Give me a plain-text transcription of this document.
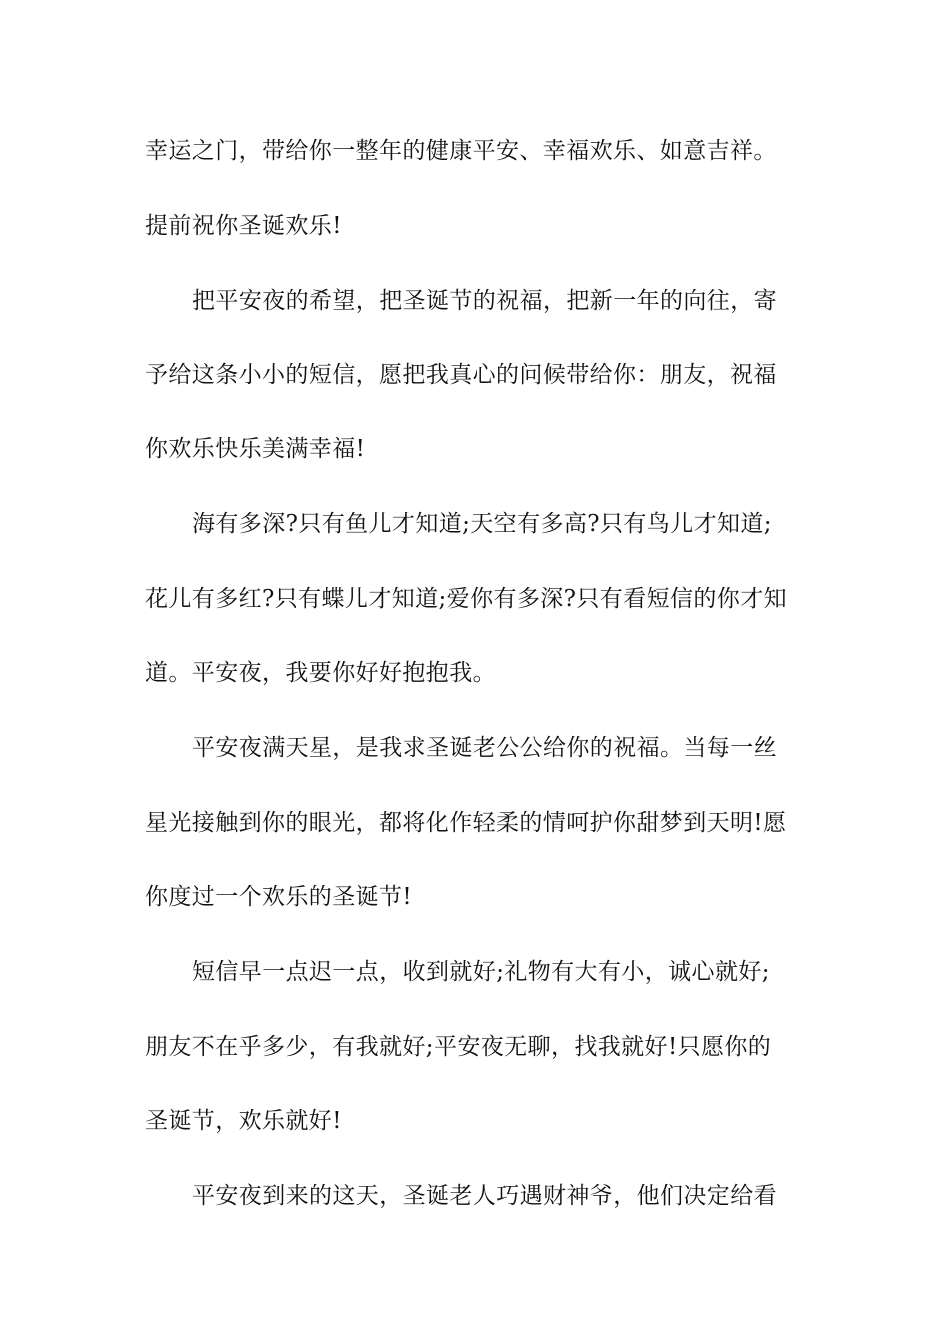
幸运之门，带给你一整年的健康平安、幸福欢乐、如意吉祥。
提前祝你圣诞欢乐!
把平安夜的希望，把圣诞节的祝福，把新一年的向往，寄
予给这条小小的短信，愿把我真心的问候带给你：朋友，祝福
你欢乐快乐美满幸福!
海有多深?只有鱼儿才知道;天空有多高?只有鸟儿才知道;
花儿有多红?只有蝶儿才知道;爱你有多深?只有看短信的你才知
道。平安夜，我要你好好抱抱我。
平安夜满天星，是我求圣诞老公公给你的祝福。当每一丝
星光接触到你的眼光，都将化作轻柔的情呵护你甜梦到天明!愿
你度过一个欢乐的圣诞节!
短信早一点迟一点，收到就好;礼物有大有小，诚心就好;
朋友不在乎多少，有我就好;平安夜无聊，找我就好!只愿你的
圣诞节，欢乐就好!
平安夜到来的这天，圣诞老人巧遇财神爷，他们决定给看
